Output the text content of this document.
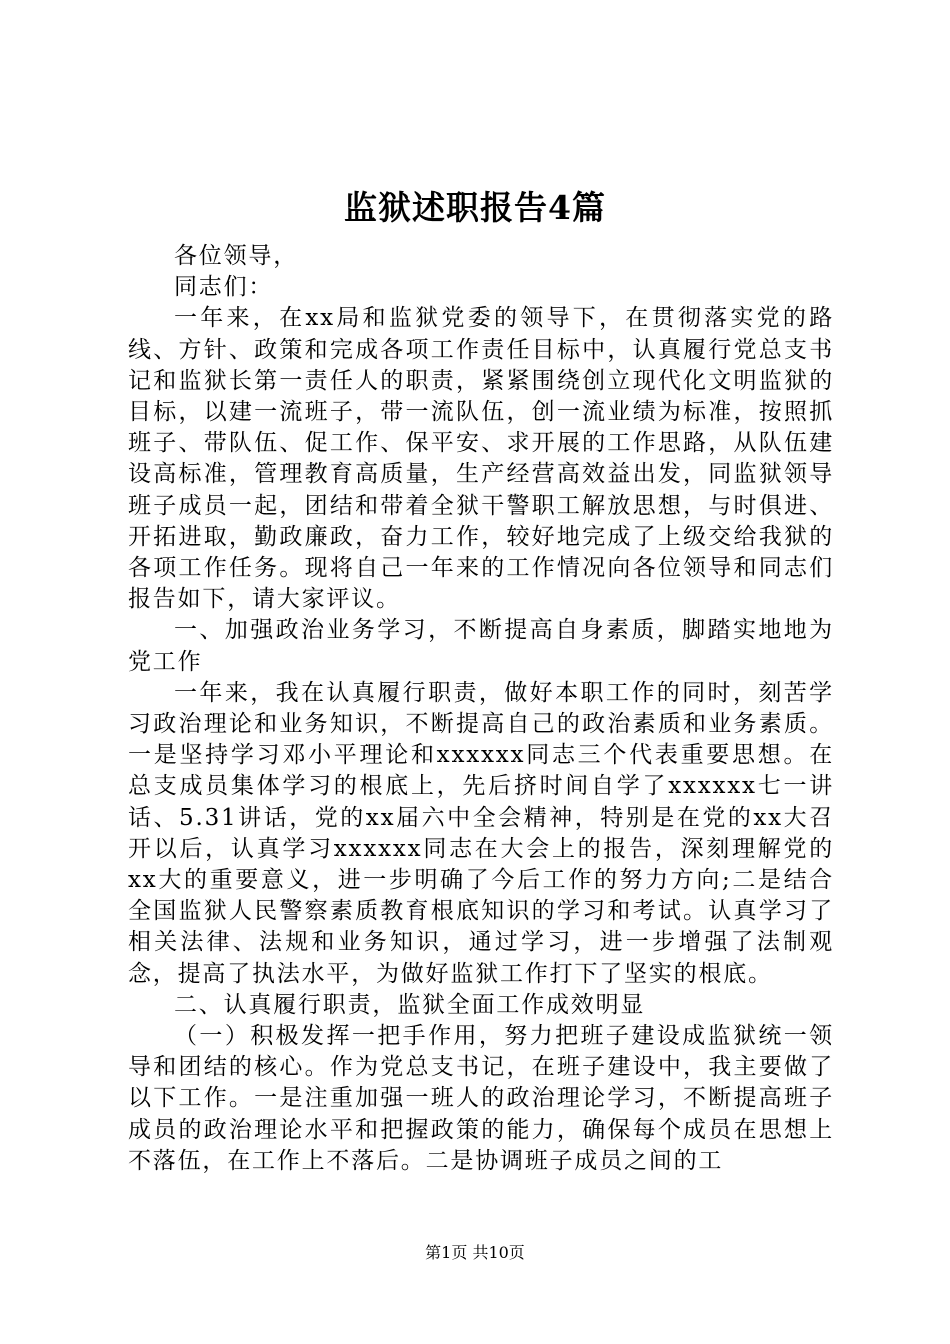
监狱述职报告4篇

各位领导，

同志们：

一年来，在xx局和监狱党委的领导下，在贯彻落实党的路线、方针、政策和完成各项工作责任目标中，认真履行党总支书记和监狱长第一责任人的职责，紧紧围绕创立现代化文明监狱的目标，以建一流班子，带一流队伍，创一流业绩为标准，按照抓班子、带队伍、促工作、保平安、求开展的工作思路，从队伍建设高标准，管理教育高质量，生产经营高效益出发，同监狱领导班子成员一起，团结和带着全狱干警职工解放思想，与时俱进、开拓进取，勤政廉政，奋力工作，较好地完成了上级交给我狱的各项工作任务。现将自己一年来的工作情况向各位领导和同志们报告如下，请大家评议。

一、加强政治业务学习，不断提高自身素质，脚踏实地地为党工作

一年来，我在认真履行职责，做好本职工作的同时，刻苦学习政治理论和业务知识，不断提高自己的政治素质和业务素质。一是坚持学习邓小平理论和xxxxxx同志三个代表重要思想。在总支成员集体学习的根底上，先后挤时间自学了xxxxxx七一讲话、5.31讲话，党的xx届六中全会精神，特别是在党的xx大召开以后，认真学习xxxxxx同志在大会上的报告，深刻理解党的xx大的重要意义，进一步明确了今后工作的努力方向;二是结合全国监狱人民警察素质教育根底知识的学习和考试。认真学习了相关法律、法规和业务知识，通过学习，进一步增强了法制观念，提高了执法水平，为做好监狱工作打下了坚实的根底。

二、认真履行职责，监狱全面工作成效明显

（一）积极发挥一把手作用，努力把班子建设成监狱统一领导和团结的核心。作为党总支书记，在班子建设中，我主要做了以下工作。一是注重加强一班人的政治理论学习，不断提高班子成员的政治理论水平和把握政策的能力，确保每个成员在思想上不落伍，在工作上不落后。二是协调班子成员之间的工

第1页 共10页
